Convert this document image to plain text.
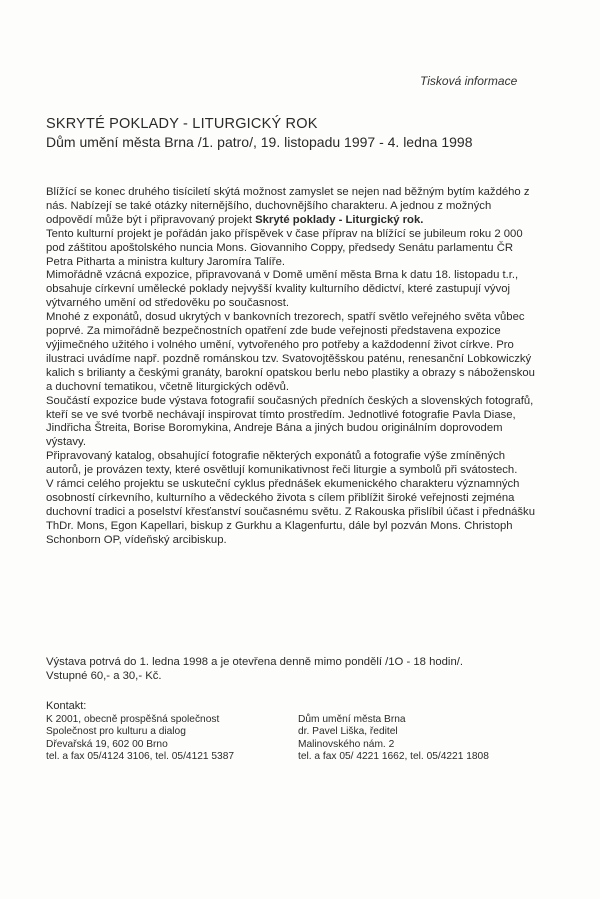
Tisková informace
SKRYTÉ POKLADY - LITURGICKÝ ROK
Dům umění města Brna /1. patro/, 19. listopadu 1997 - 4. ledna 1998

Blížící se konec druhého tisíciletí skýtá možnost zamyslet se nejen nad běžným bytím každého z nás. Nabízejí se také otázky niternějšího, duchovnějšího charakteru. A jednou z možných odpovědí může být i připravovaný projekt Skryté poklady - Liturgický rok.

Tento kulturní projekt je pořádán jako příspěvek v čase příprav na blížící se jubileum roku 2 000 pod záštitou apoštolského nuncia Mons. Giovanniho Coppy, předsedy Senátu parlamentu ČR Petra Pitharta a ministra kultury Jaromíra Talíře.

Mimořádně vzácná expozice, připravovaná v Domě umění města Brna k datu 18. listopadu t.r., obsahuje církevní umělecké poklady nejvyšší kvality kulturního dědictví, které zastupují vývoj výtvarného umění od středověku po současnost.

Mnohé z exponátů, dosud ukrytých v bankovních trezorech, spatří světlo veřejného světa vůbec poprvé. Za mimořádně bezpečnostních opatření zde bude veřejnosti představena expozice výjimečného užitého i volného umění, vytvořeného pro potřeby a každodenní život církve. Pro ilustraci uvádíme např. pozdně románskou tzv. Svatovojtěšskou paténu, renesanční Lobkowiczký kalich s brilianty a českými granáty, barokní opatskou berlu nebo plastiky a obrazy s náboženskou a duchovní tematikou, včetně liturgických oděvů.

Součástí expozice bude výstava fotografií současných předních českých a slovenských fotografů, kteří se ve své tvorbě nechávají inspirovat tímto prostředím. Jednotlivé fotografie Pavla Diase, Jindřicha Štreita, Borise Boromykina, Andreje Bána a jiných budou originálním doprovodem výstavy.

Připravovaný katalog, obsahující fotografie některých exponátů a fotografie výše zmíněných autorů, je provázen texty, které osvětlují komunikativnost řeči liturgie a symbolů při svátostech.

V rámci celého projektu se uskuteční cyklus přednášek ekumenického charakteru významných osobností církevního, kulturního a vědeckého života s cílem přiblížit široké veřejnosti zejména duchovní tradici a poselství křesťanství současnému světu. Z Rakouska přislíbil účast i přednášku ThDr. Mons, Egon Kapellari, biskup z Gurkhu a Klagenfurtu, dále byl pozván Mons. Christoph Schonborn OP, vídeňský arcibiskup.

Výstava potrvá do 1. ledna 1998 a je otevřena denně mimo pondělí /1O - 18 hodin/.

Vstupné 60,- a 30,- Kč.

Kontakt:
K 2001, obecně prospěšná společnost
Společnost pro kulturu a dialog
Dřevařská 19, 602 00 Brno
tel. a fax 05/4124 3106, tel. 05/4121 5387
Dům umění města Brna
dr. Pavel Liška, ředitel
Malinovského nám. 2
tel. a fax 05/ 4221 1662, tel. 05/4221 1808
